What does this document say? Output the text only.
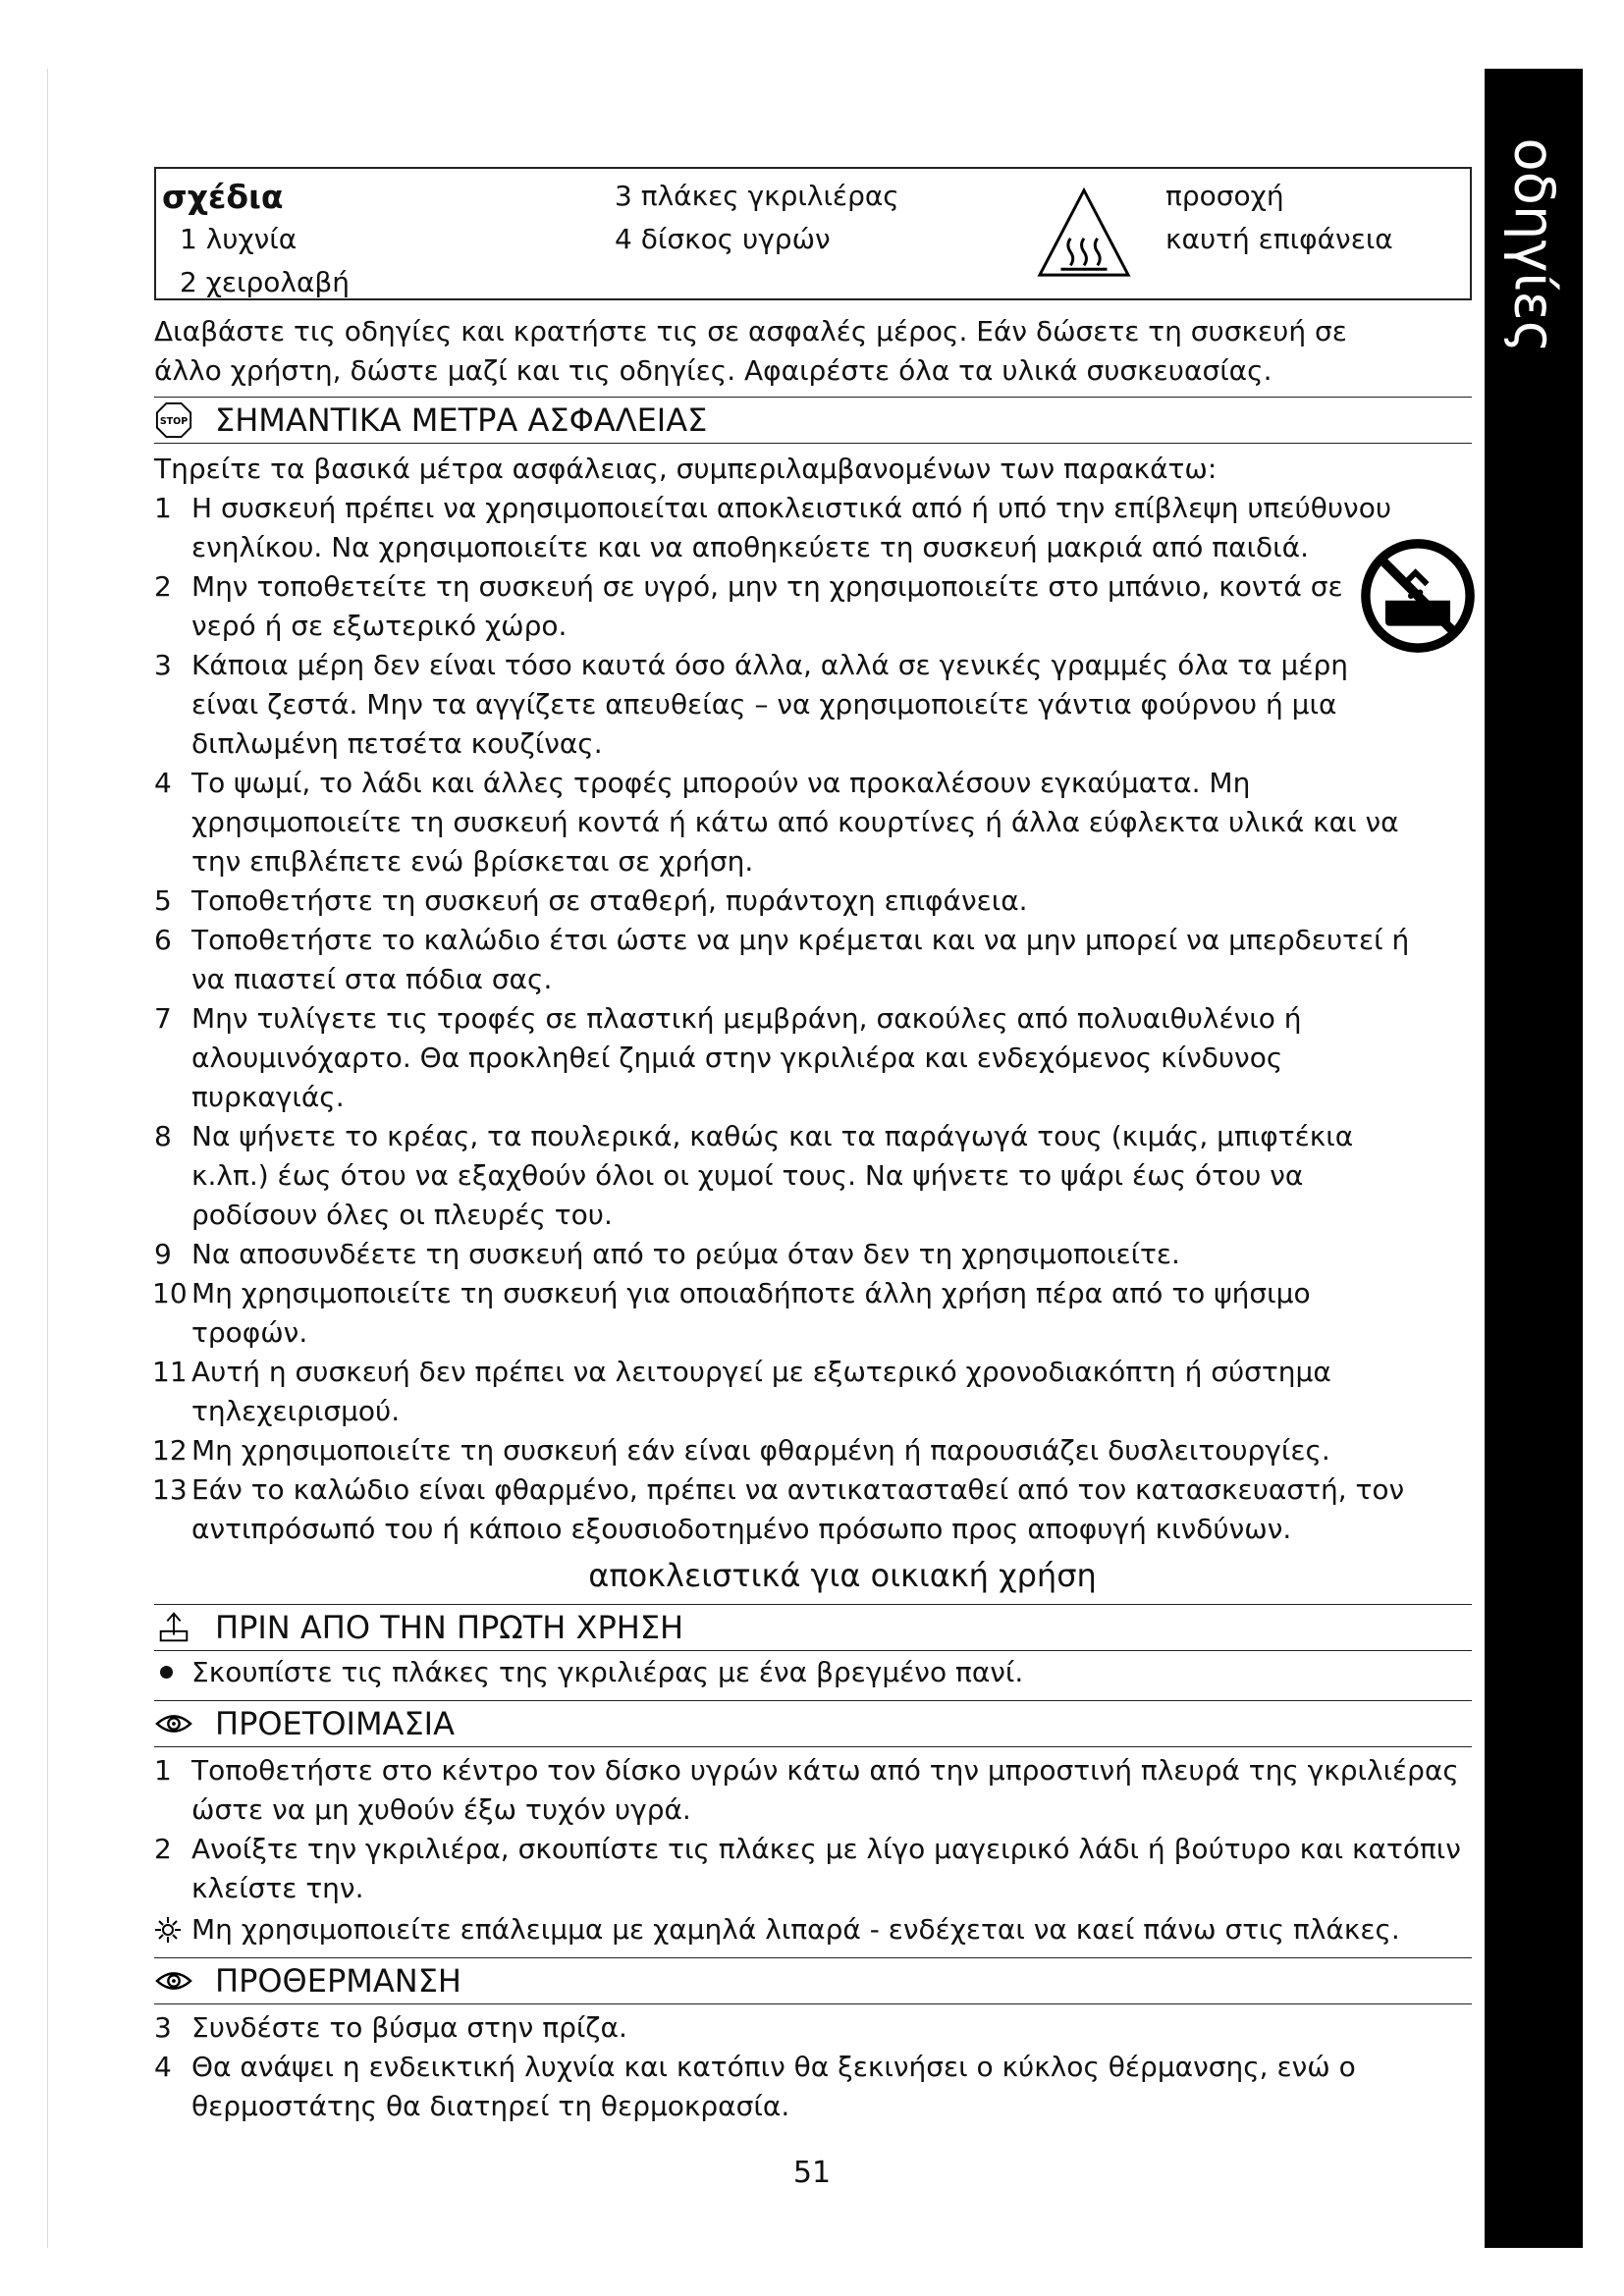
οδηγίες
σχέδια
1 λυχνία
2 χειρολαβή
3 πλάκες γκριλιέρας
4 δίσκος υγρών
προσοχή
καυτή επιφάνεια
Διαβάστε τις οδηγίες και κρατήστε τις σε ασφαλές μέρος. Εάν δώσετε τη συσκευή σε άλλο χρήστη, δώστε μαζί και τις οδηγίες. Αφαιρέστε όλα τα υλικά συσκευασίας.
STOP ΣΗΜΑΝΤΙΚΑ ΜΕΤΡΑ ΑΣΦΑΛΕΙΑΣ
Τηρείτε τα βασικά μέτρα ασφάλειας, συμπεριλαμβανομένων των παρακάτω:
1 Η συσκευή πρέπει να χρησιμοποιείται αποκλειστικά από ή υπό την επίβλεψη υπεύθυνου ενηλίκου. Να χρησιμοποιείτε και να αποθηκεύετε τη συσκευή μακριά από παιδιά.
2 Μην τοποθετείτε τη συσκευή σε υγρό, μην τη χρησιμοποιείτε στο μπάνιο, κοντά σε νερό ή σε εξωτερικό χώρο.
3 Κάποια μέρη δεν είναι τόσο καυτά όσο άλλα, αλλά σε γενικές γραμμές όλα τα μέρη είναι ζεστά. Μην τα αγγίζετε απευθείας – να χρησιμοποιείτε γάντια φούρνου ή μια διπλωμένη πετσέτα κουζίνας.
4 Το ψωμί, το λάδι και άλλες τροφές μπορούν να προκαλέσουν εγκαύματα. Μη χρησιμοποιείτε τη συσκευή κοντά ή κάτω από κουρτίνες ή άλλα εύφλεκτα υλικά και να την επιβλέπετε ενώ βρίσκεται σε χρήση.
5 Τοποθετήστε τη συσκευή σε σταθερή, πυράντοχη επιφάνεια.
6 Τοποθετήστε το καλώδιο έτσι ώστε να μην κρέμεται και να μην μπορεί να μπερδευτεί ή να πιαστεί στα πόδια σας.
7 Μην τυλίγετε τις τροφές σε πλαστική μεμβράνη, σακούλες από πολυαιθυλένιο ή αλουμινόχαρτο. Θα προκληθεί ζημιά στην γκριλιέρα και ενδεχόμενος κίνδυνος πυρκαγιάς.
8 Να ψήνετε το κρέας, τα πουλερικά, καθώς και τα παράγωγά τους (κιμάς, μπιφτέκια κ.λπ.) έως ότου να εξαχθούν όλοι οι χυμοί τους. Να ψήνετε το ψάρι έως ότου να ροδίσουν όλες οι πλευρές του.
9 Να αποσυνδέετε τη συσκευή από το ρεύμα όταν δεν τη χρησιμοποιείτε.
10 Μη χρησιμοποιείτε τη συσκευή για οποιαδήποτε άλλη χρήση πέρα από το ψήσιμο τροφών.
11 Αυτή η συσκευή δεν πρέπει να λειτουργεί με εξωτερικό χρονοδιακόπτη ή σύστημα τηλεχειρισμού.
12 Μη χρησιμοποιείτε τη συσκευή εάν είναι φθαρμένη ή παρουσιάζει δυσλειτουργίες.
13 Εάν το καλώδιο είναι φθαρμένο, πρέπει να αντικατασταθεί από τον κατασκευαστή, τον αντιπρόσωπό του ή κάποιο εξουσιοδοτημένο πρόσωπο προς αποφυγή κινδύνων.
αποκλειστικά για οικιακή χρήση
ΠΡΙΝ ΑΠΟ ΤΗΝ ΠΡΩΤΗ ΧΡΗΣΗ
Σκουπίστε τις πλάκες της γκριλιέρας με ένα βρεγμένο πανί.
ΠΡΟΕΤΟΙΜΑΣΙΑ
1 Τοποθετήστε στο κέντρο τον δίσκο υγρών κάτω από την μπροστινή πλευρά της γκριλιέρας ώστε να μη χυθούν έξω τυχόν υγρά.
2 Ανοίξτε την γκριλιέρα, σκουπίστε τις πλάκες με λίγο μαγειρικό λάδι ή βούτυρο και κατόπιν κλείστε την.
Μη χρησιμοποιείτε επάλειμμα με χαμηλά λιπαρά - ενδέχεται να καεί πάνω στις πλάκες.
ΠΡΟΘΕΡΜΑΝΣΗ
3 Συνδέστε το βύσμα στην πρίζα.
4 Θα ανάψει η ενδεικτική λυχνία και κατόπιν θα ξεκινήσει ο κύκλος θέρμανσης, ενώ ο θερμοστάτης θα διατηρεί τη θερμοκρασία.
51
